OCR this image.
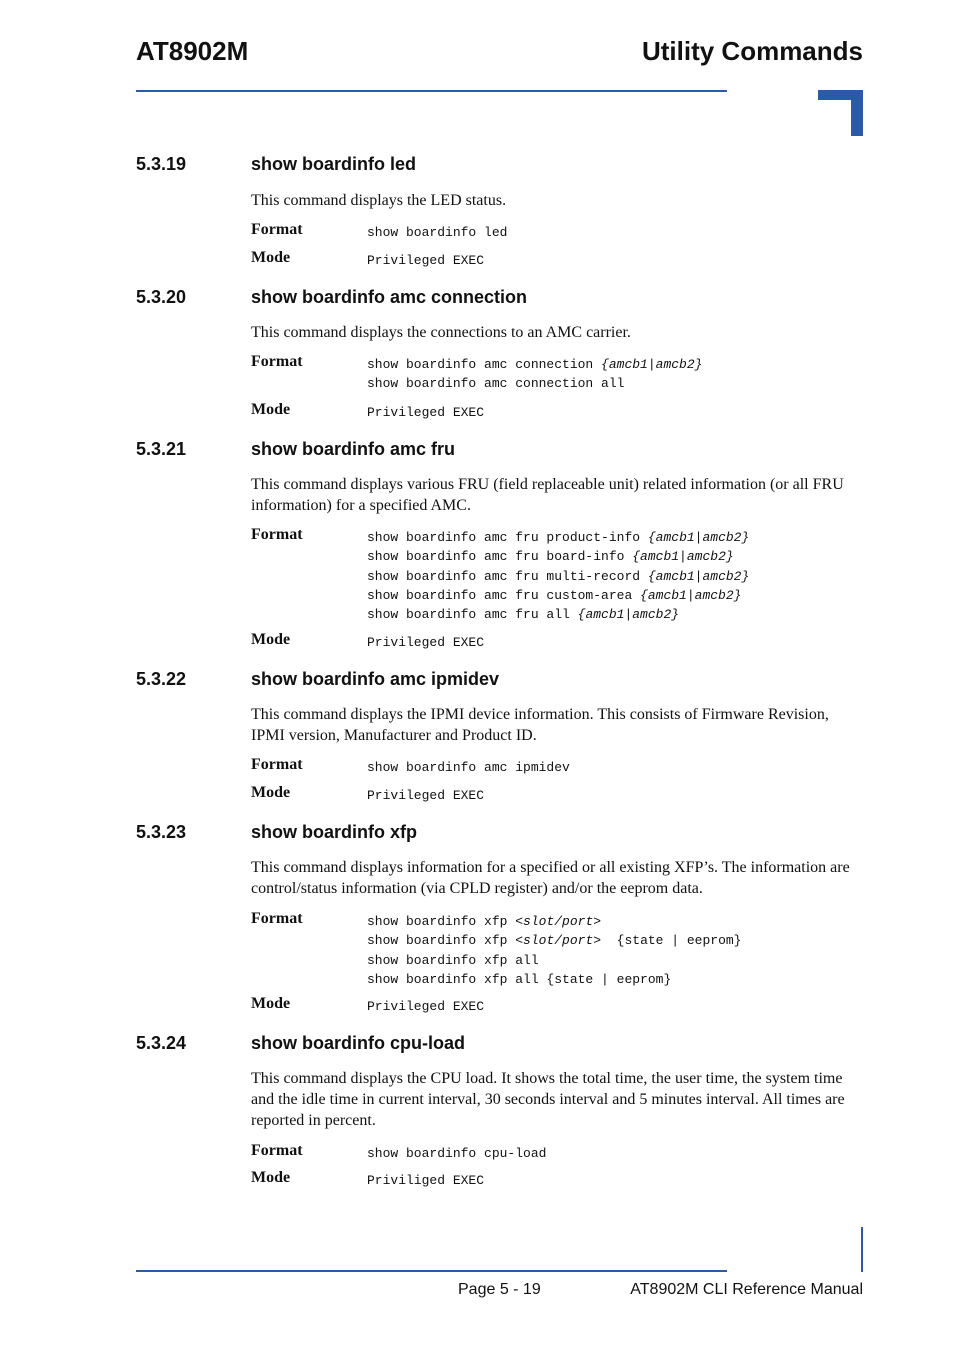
AT8902M	Utility Commands
5.3.19	show boardinfo led
This command displays the LED status.
Format	show boardinfo led
Mode	Privileged EXEC
5.3.20	show boardinfo amc connection
This command displays the connections to an AMC carrier.
Format	show boardinfo amc connection {amcb1|amcb2}
show boardinfo amc connection all
Mode	Privileged EXEC
5.3.21	show boardinfo amc fru
This command displays various FRU (field replaceable unit) related information (or all FRU information) for a specified AMC.
Format	show boardinfo amc fru product-info {amcb1|amcb2}
show boardinfo amc fru board-info {amcb1|amcb2}
show boardinfo amc fru multi-record {amcb1|amcb2}
show boardinfo amc fru custom-area {amcb1|amcb2}
show boardinfo amc fru all {amcb1|amcb2}
Mode	Privileged EXEC
5.3.22	show boardinfo amc ipmidev
This command displays the IPMI device information. This consists of Firmware Revision, IPMI version, Manufacturer and Product ID.
Format	show boardinfo amc ipmidev
Mode	Privileged EXEC
5.3.23	show boardinfo xfp
This command displays information for a specified or all existing XFP’s. The information are control/status information (via CPLD register) and/or the eeprom data.
Format	show boardinfo xfp <slot/port>
show boardinfo xfp <slot/port>  {state | eeprom}
show boardinfo xfp all
show boardinfo xfp all {state | eeprom}
Mode	Privileged EXEC
5.3.24	show boardinfo cpu-load
This command displays the CPU load. It shows the total time, the user time, the system time and the idle time in current interval, 30 seconds interval and 5 minutes interval. All times are reported in percent.
Format	show boardinfo cpu-load
Mode	Priviliged EXEC
Page 5 - 19	AT8902M CLI Reference Manual
